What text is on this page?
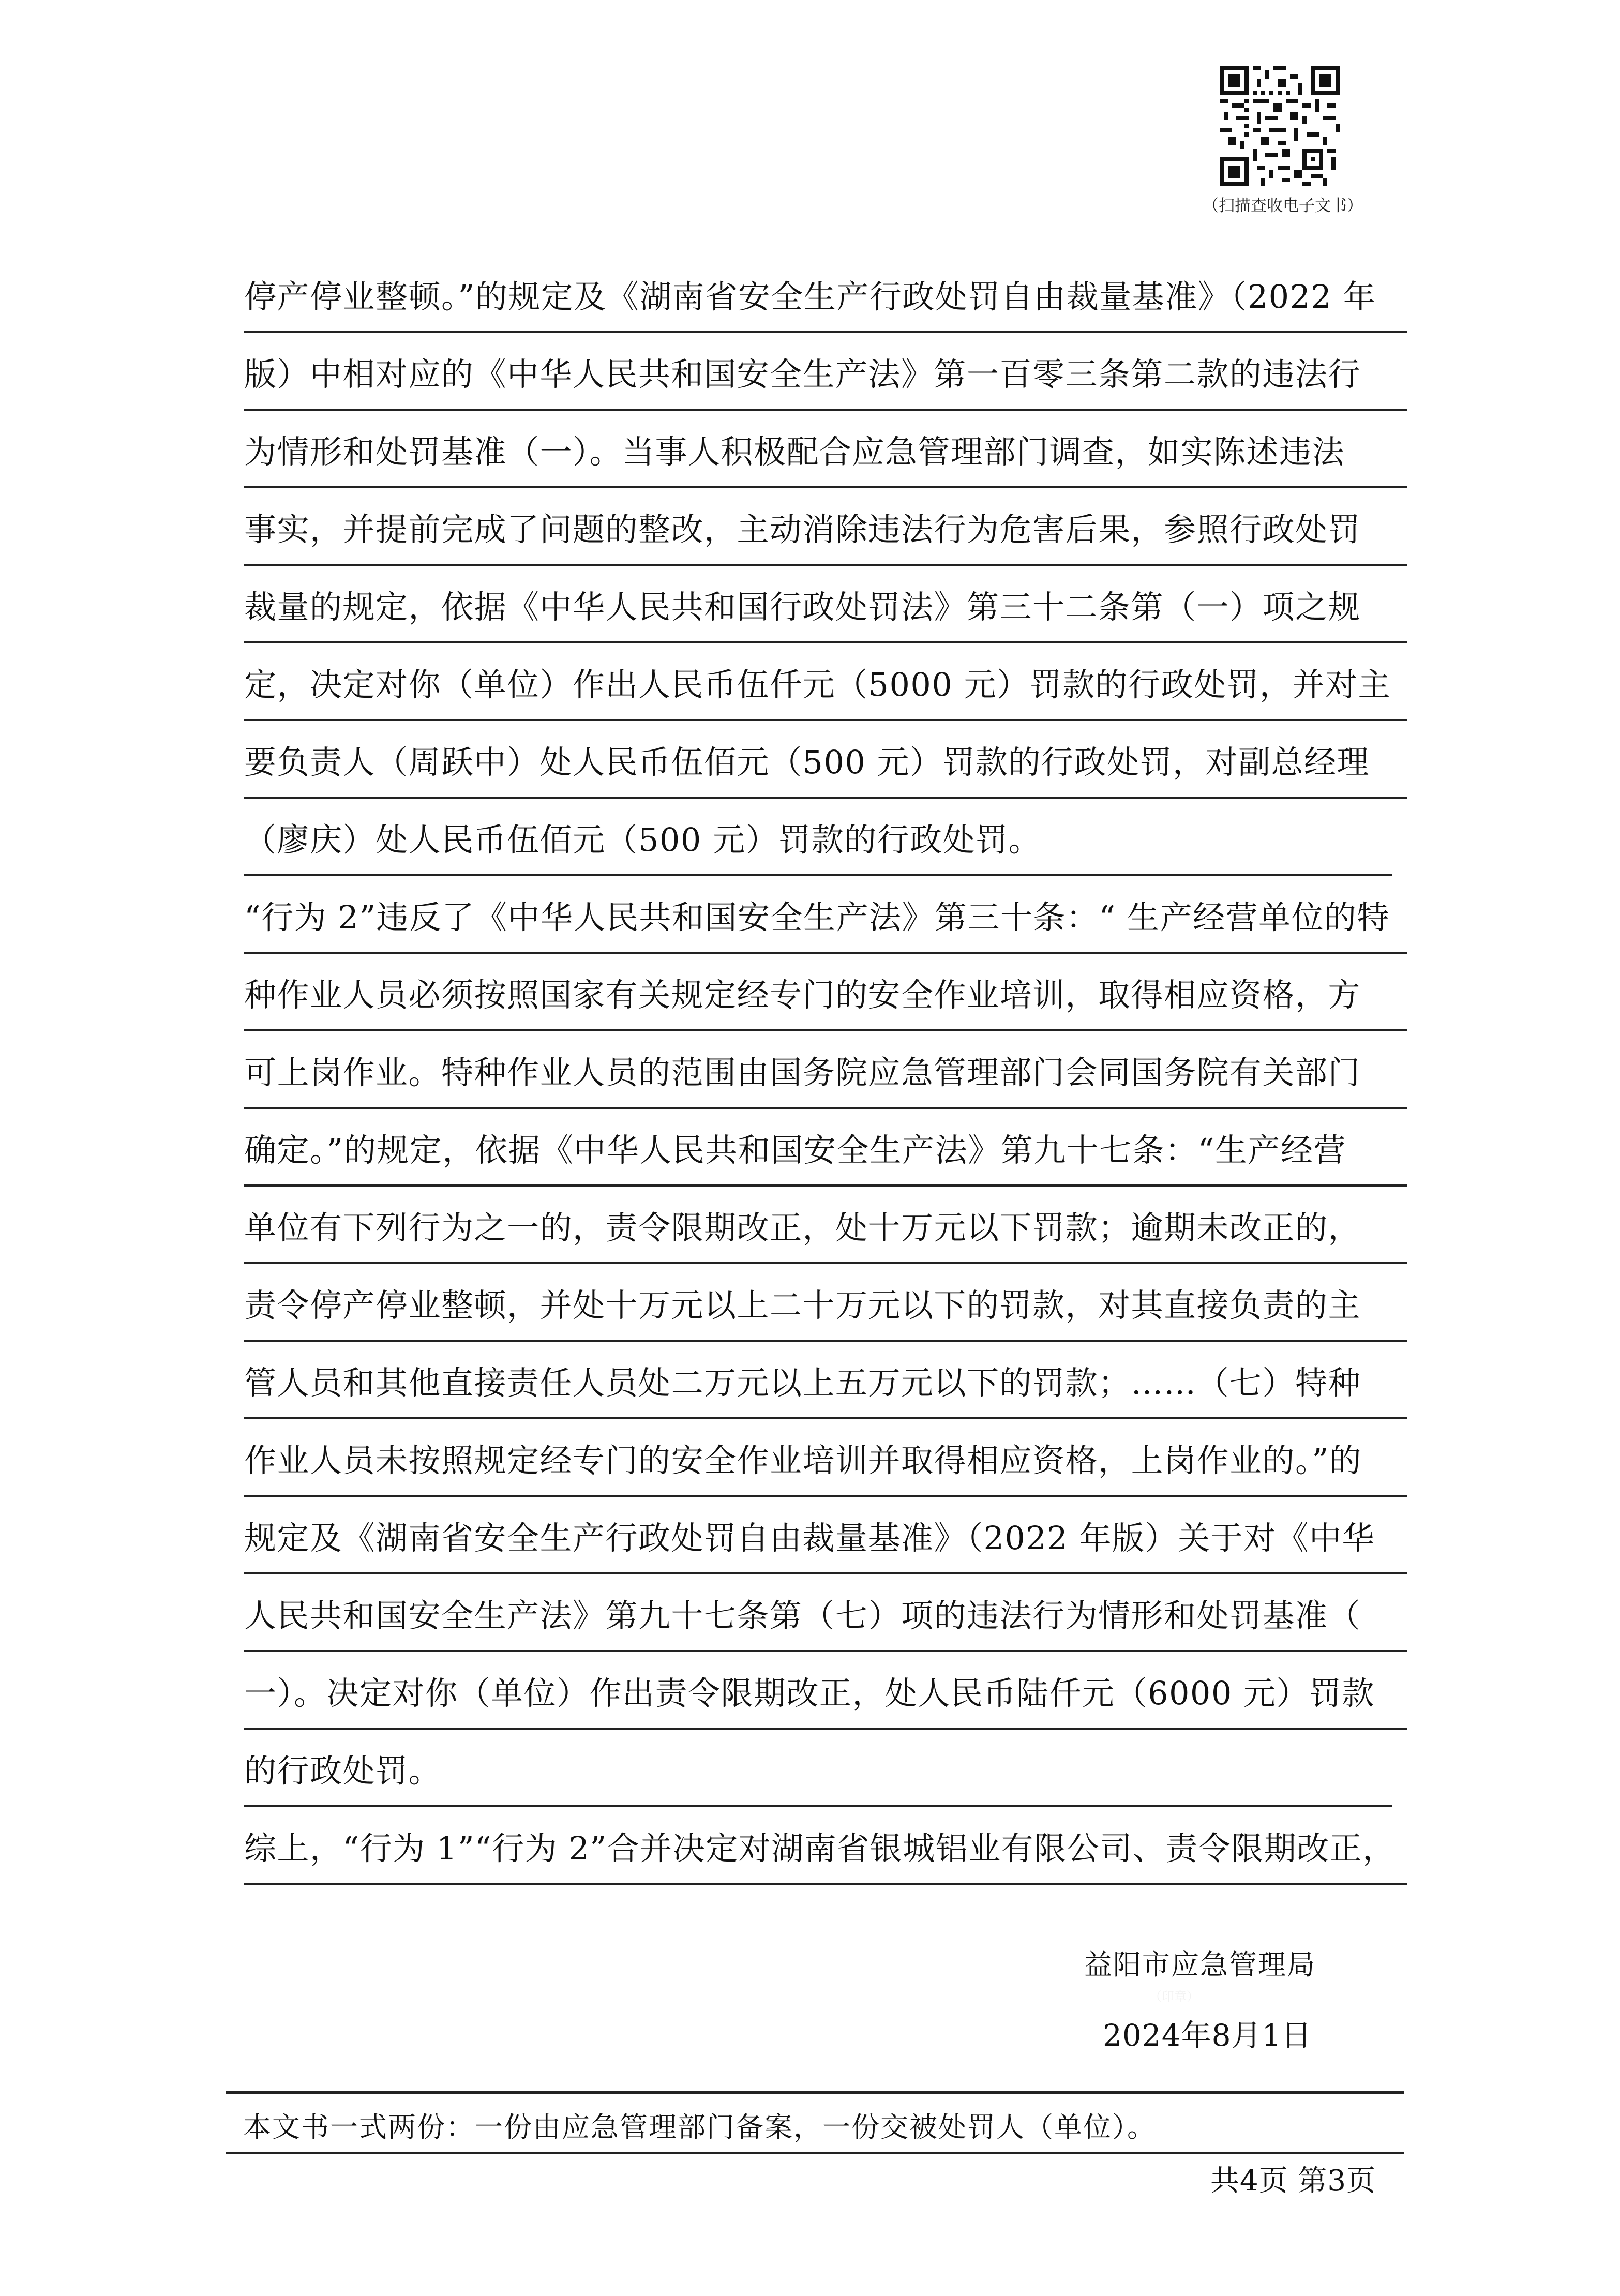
（扫描查收电子文书）
停产停业整顿。”的规定及《湖南省安全生产行政处罚自由裁量基准》（2022 年
版）中相对应的《中华人民共和国安全生产法》第一百零三条第二款的违法行
为情形和处罚基准（一）。当事人积极配合应急管理部门调查，如实陈述违法
事实，并提前完成了问题的整改，主动消除违法行为危害后果，参照行政处罚
裁量的规定，依据《中华人民共和国行政处罚法》第三十二条第（一）项之规
定，决定对你（单位）作出人民币伍仟元（5000 元）罚款的行政处罚，并对主
要负责人（周跃中）处人民币伍佰元（500 元）罚款的行政处罚，对副总经理
（廖庆）处人民币伍佰元（500 元）罚款的行政处罚。
“行为 2”违反了《中华人民共和国安全生产法》第三十条：“ 生产经营单位的特
种作业人员必须按照国家有关规定经专门的安全作业培训，取得相应资格，方
可上岗作业。特种作业人员的范围由国务院应急管理部门会同国务院有关部门
确定。”的规定，依据《中华人民共和国安全生产法》第九十七条：“生产经营
单位有下列行为之一的，责令限期改正，处十万元以下罚款；逾期未改正的，
责令停产停业整顿，并处十万元以上二十万元以下的罚款，对其直接负责的主
管人员和其他直接责任人员处二万元以上五万元以下的罚款；……（七）特种
作业人员未按照规定经专门的安全作业培训并取得相应资格，上岗作业的。”的
规定及《湖南省安全生产行政处罚自由裁量基准》（2022 年版）关于对《中华
人民共和国安全生产法》第九十七条第（七）项的违法行为情形和处罚基准（
一）。决定对你（单位）作出责令限期改正，处人民币陆仟元（6000 元）罚款
的行政处罚。
综上，“行为 1”“行为 2”合并决定对湖南省银城铝业有限公司、责令限期改正，
益阳市应急管理局
（印章）
2024年8月1日
本文书一式两份：一份由应急管理部门备案，一份交被处罚人（单位）。
共4页 第3页
